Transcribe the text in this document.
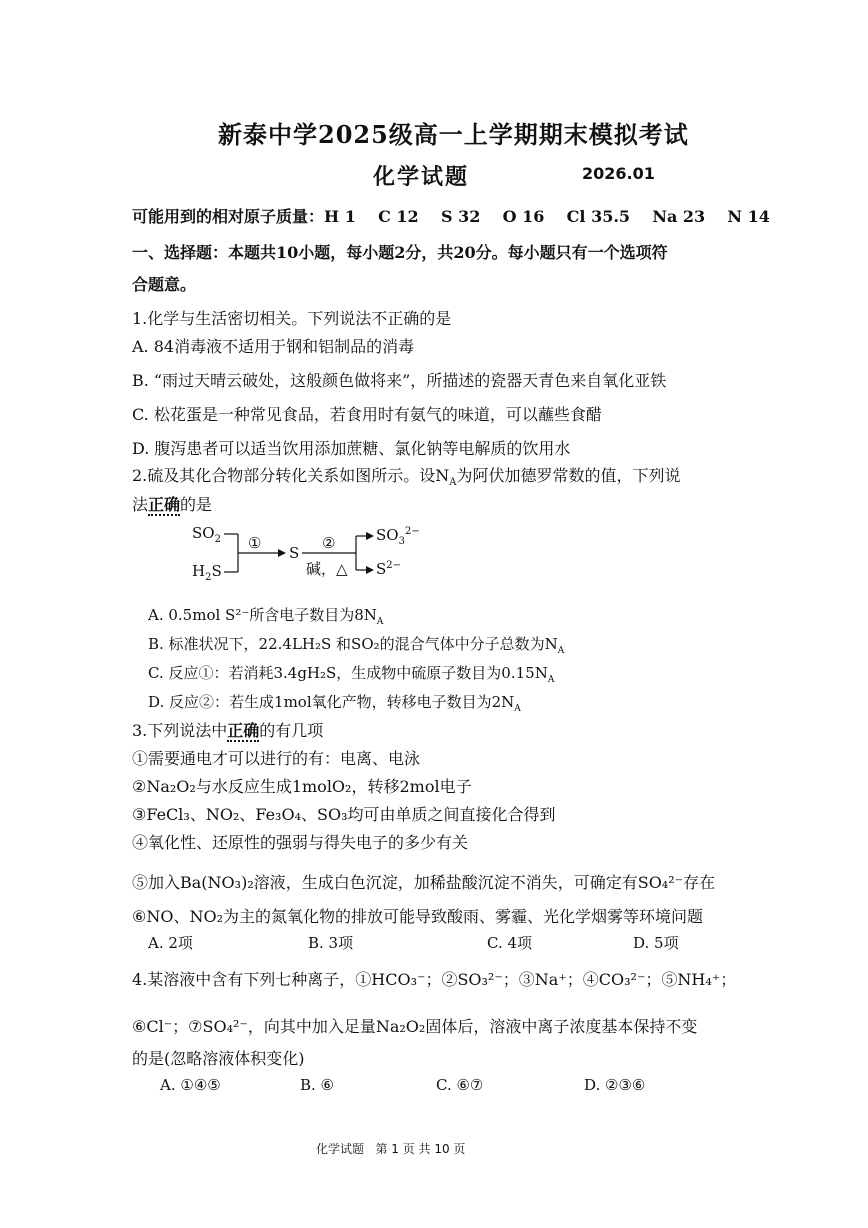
新泰中学2025级高一上学期期末模拟考试
化学试题	2026.01
可能用到的相对原子质量：H 1    C 12    S 32    O 16    Cl 35.5    Na 23    N 14
一、选择题：本题共10小题，每小题2分，共20分。每小题只有一个选项符
合题意。
1.化学与生活密切相关。下列说法不正确的是
A. 84消毒液不适用于钢和铝制品的消毒
B. “雨过天晴云破处，这般颜色做将来”，所描述的瓷器天青色来自氧化亚铁
C. 松花蛋是一种常见食品，若食用时有氨气的味道，可以蘸些食醋
D. 腹泻患者可以适当饮用添加蔗糖、氯化钠等电解质的饮用水
2.硫及其化合物部分转化关系如图所示。设$N_A$为阿伏加德罗常数的值，下列说
法正确的是
$SO_2$
$H_2S$
①
S
②
碱，△
$SO_3^{2-}$
$S^{2-}$
A. 0.5mol S²⁻所含电子数目为$8N_A$
B. 标准状况下，22.4LH₂S 和SO₂的混合气体中分子总数为$N_A$
C. 反应①：若消耗3.4gH₂S，生成物中硫原子数目为$0.15N_A$
D. 反应②：若生成1mol氧化产物，转移电子数目为$2N_A$
3.下列说法中正确的有几项
①需要通电才可以进行的有：电离、电泳
②Na₂O₂与水反应生成1molO₂，转移2mol电子
③FeCl₃、NO₂、Fe₃O₄、SO₃均可由单质之间直接化合得到
④氧化性、还原性的强弱与得失电子的多少有关
⑤加入Ba(NO₃)₂溶液，生成白色沉淀，加稀盐酸沉淀不消失，可确定有SO₄²⁻存在
⑥NO、NO₂为主的氮氧化物的排放可能导致酸雨、雾霾、光化学烟雾等环境问题
A. 2项	B. 3项	C. 4项	D. 5项
4.某溶液中含有下列七种离子，①HCO₃⁻；②SO₃²⁻；③Na⁺；④CO₃²⁻；⑤NH₄⁺；
⑥Cl⁻；⑦SO₄²⁻，向其中加入足量Na₂O₂固体后，溶液中离子浓度基本保持不变
的是(忽略溶液体积变化)
A. ①④⑤	B. ⑥	C. ⑥⑦	D. ②③⑥
化学试题   第 1 页 共 10 页
